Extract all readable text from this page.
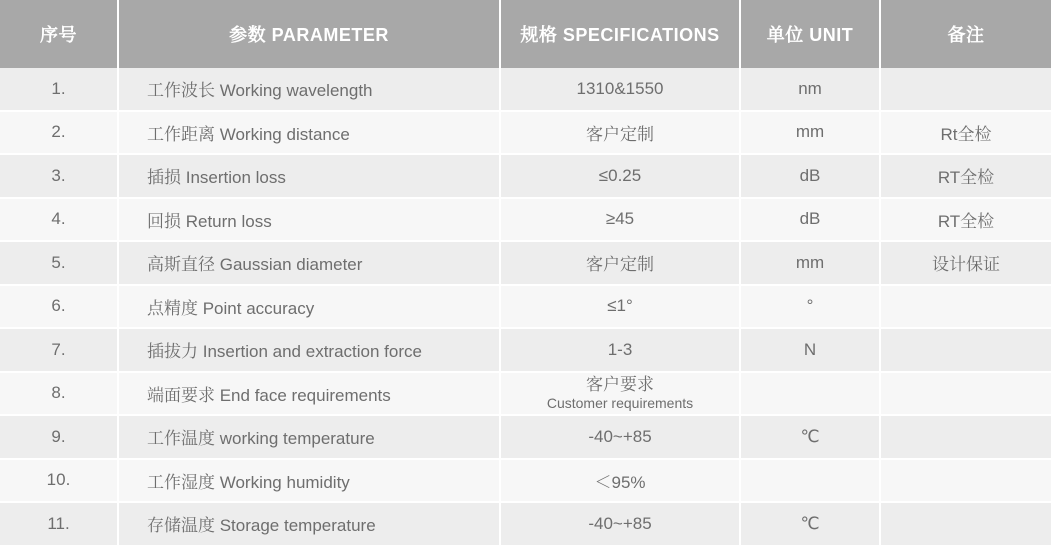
序号	参数 PARAMETER	规格 SPECIFICATIONS	单位 UNIT	备注
1.	工作波长 Working wavelength	1310&1550	nm	
2.	工作距离 Working distance	客户定制	mm	Rt全检
3.	插损 Insertion loss	≤0.25	dB	RT全检
4.	回损 Return loss	≥45	dB	RT全检
5.	高斯直径 Gaussian diameter	客户定制	mm	设计保证
6.	点精度 Point accuracy	≤1°	°	
7.	插拔力 Insertion and extraction force	1-3	N	
8.	端面要求 End face requirements	客户要求
Customer requirements		

9.	工作温度 working temperature	-40~+85	℃	
10.	工作湿度 Working humidity	＜95%		
11.	存储温度 Storage temperature	-40~+85	℃	
